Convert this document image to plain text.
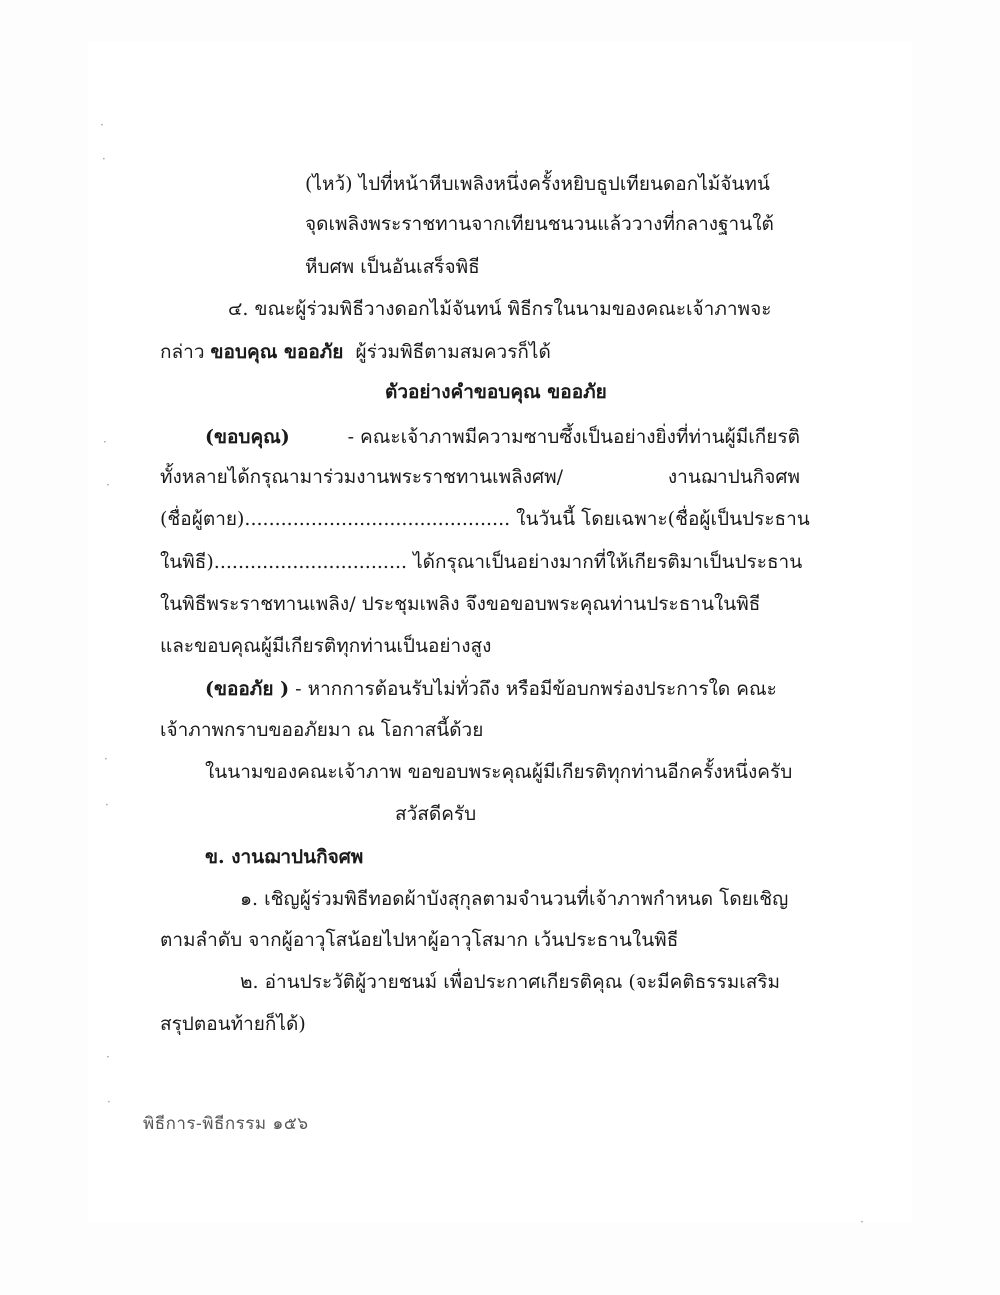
(ไหว้) ไปที่หน้าหีบเพลิงหนึ่งครั้งหยิบธูปเทียนดอกไม้จันทน์
จุดเพลิงพระราชทานจากเทียนชนวนแล้ววางที่กลางฐานใต้
หีบศพ เป็นอันเสร็จพิธี
๔. ขณะผู้ร่วมพิธีวางดอกไม้จันทน์ พิธีกรในนามของคณะเจ้าภาพจะ
กล่าว ขอบคุณ ขออภัย ผู้ร่วมพิธีตามสมควรก็ได้
ตัวอย่างคำขอบคุณ ขออภัย
(ขอบคุณ)	- คณะเจ้าภาพมีความซาบซึ้งเป็นอย่างยิ่งที่ท่านผู้มีเกียรติ
ทั้งหลายได้กรุณามาร่วมงานพระราชทานเพลิงศพ/	งานฌาปนกิจศพ
(ชื่อผู้ตาย)............................................ ในวันนี้ โดยเฉพาะ (ชื่อผู้เป็นประธาน
ในพิธี)................................ ได้กรุณาเป็นอย่างมากที่ให้เกียรติมาเป็นประธาน
ในพิธีพระราชทานเพลิง/ ประชุมเพลิง จึงขอขอบพระคุณท่านประธานในพิธี
และขอบคุณผู้มีเกียรติทุกท่านเป็นอย่างสูง
(ขออภัย ) - หากการต้อนรับไม่ทั่วถึง หรือมีข้อบกพร่องประการใด คณะ
เจ้าภาพกราบขออภัยมา ณ โอกาสนี้ด้วย
ในนามของคณะเจ้าภาพ ขอขอบพระคุณผู้มีเกียรติทุกท่านอีกครั้งหนึ่งครับ
สวัสดีครับ
ข. งานฌาปนกิจศพ
๑. เชิญผู้ร่วมพิธีทอดผ้าบังสุกุลตามจำนวนที่เจ้าภาพกำหนด โดยเชิญ
ตามลำดับ จากผู้อาวุโสน้อยไปหาผู้อาวุโสมาก เว้นประธานในพิธี
๒. อ่านประวัติผู้วายชนม์ เพื่อประกาศเกียรติคุณ (จะมีคติธรรมเสริม
สรุปตอนท้ายก็ได้)
พิธีการ-พิธีกรรม ๑๕๖
·
·
·
·
·
·
·
·
·
